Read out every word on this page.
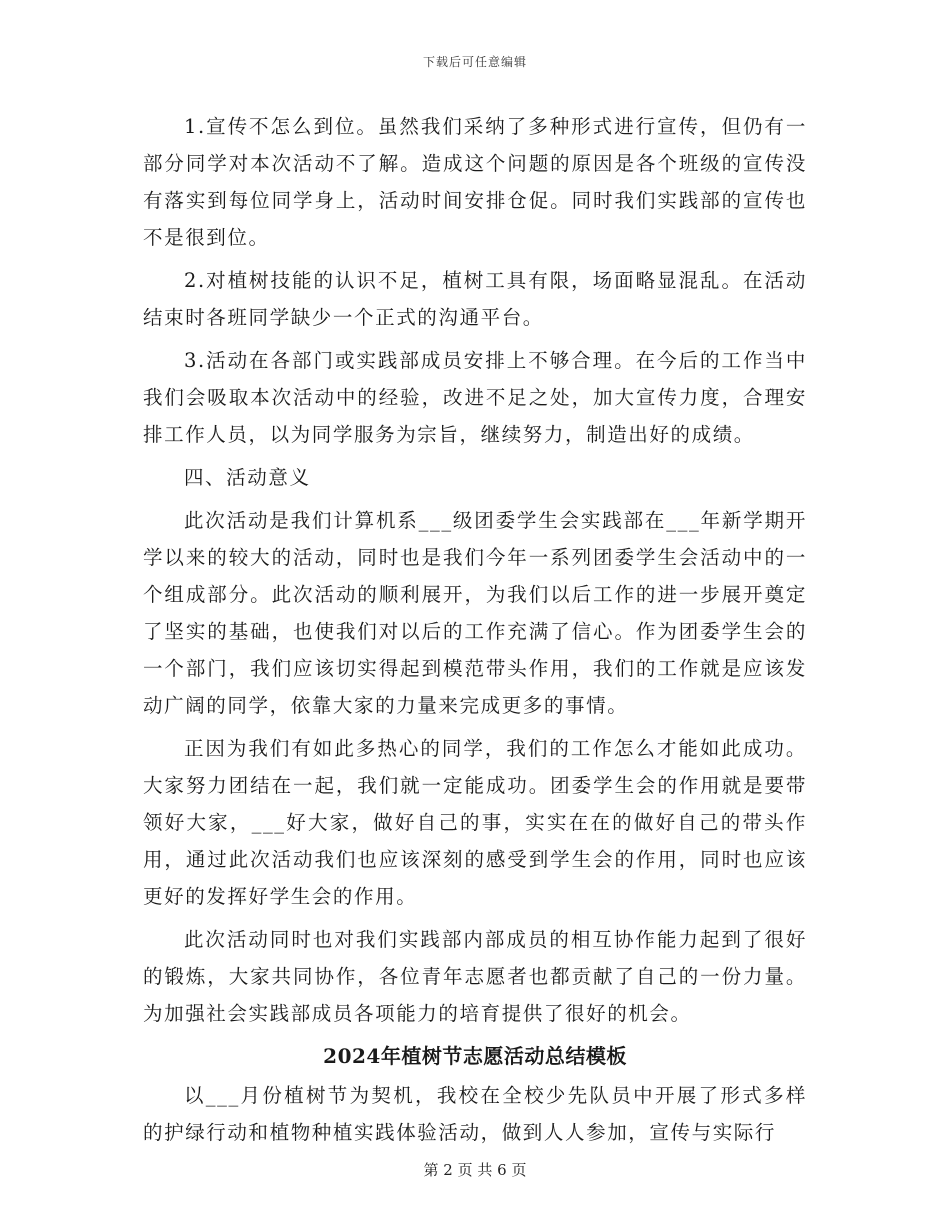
下载后可任意编辑

1.宣传不怎么到位。虽然我们采纳了多种形式进行宣传，但仍有一部分同学对本次活动不了解。造成这个问题的原因是各个班级的宣传没有落实到每位同学身上，活动时间安排仓促。同时我们实践部的宣传也不是很到位。

2.对植树技能的认识不足，植树工具有限，场面略显混乱。在活动结束时各班同学缺少一个正式的沟通平台。

3.活动在各部门或实践部成员安排上不够合理。在今后的工作当中我们会吸取本次活动中的经验，改进不足之处，加大宣传力度，合理安排工作人员，以为同学服务为宗旨，继续努力，制造出好的成绩。

四、活动意义

此次活动是我们计算机系___级团委学生会实践部在___年新学期开学以来的较大的活动，同时也是我们今年一系列团委学生会活动中的一个组成部分。此次活动的顺利展开，为我们以后工作的进一步展开奠定了坚实的基础，也使我们对以后的工作充满了信心。作为团委学生会的一个部门，我们应该切实得起到模范带头作用，我们的工作就是应该发动广阔的同学，依靠大家的力量来完成更多的事情。

正因为我们有如此多热心的同学，我们的工作怎么才能如此成功。大家努力团结在一起，我们就一定能成功。团委学生会的作用就是要带领好大家，___好大家，做好自己的事，实实在在的做好自己的带头作用，通过此次活动我们也应该深刻的感受到学生会的作用，同时也应该更好的发挥好学生会的作用。

此次活动同时也对我们实践部内部成员的相互协作能力起到了很好的锻炼，大家共同协作，各位青年志愿者也都贡献了自己的一份力量。为加强社会实践部成员各项能力的培育提供了很好的机会。

2024年植树节志愿活动总结模板

以___月份植树节为契机，我校在全校少先队员中开展了形式多样的护绿行动和植物种植实践体验活动，做到人人参加，宣传与实际行

第 2 页 共 6 页
